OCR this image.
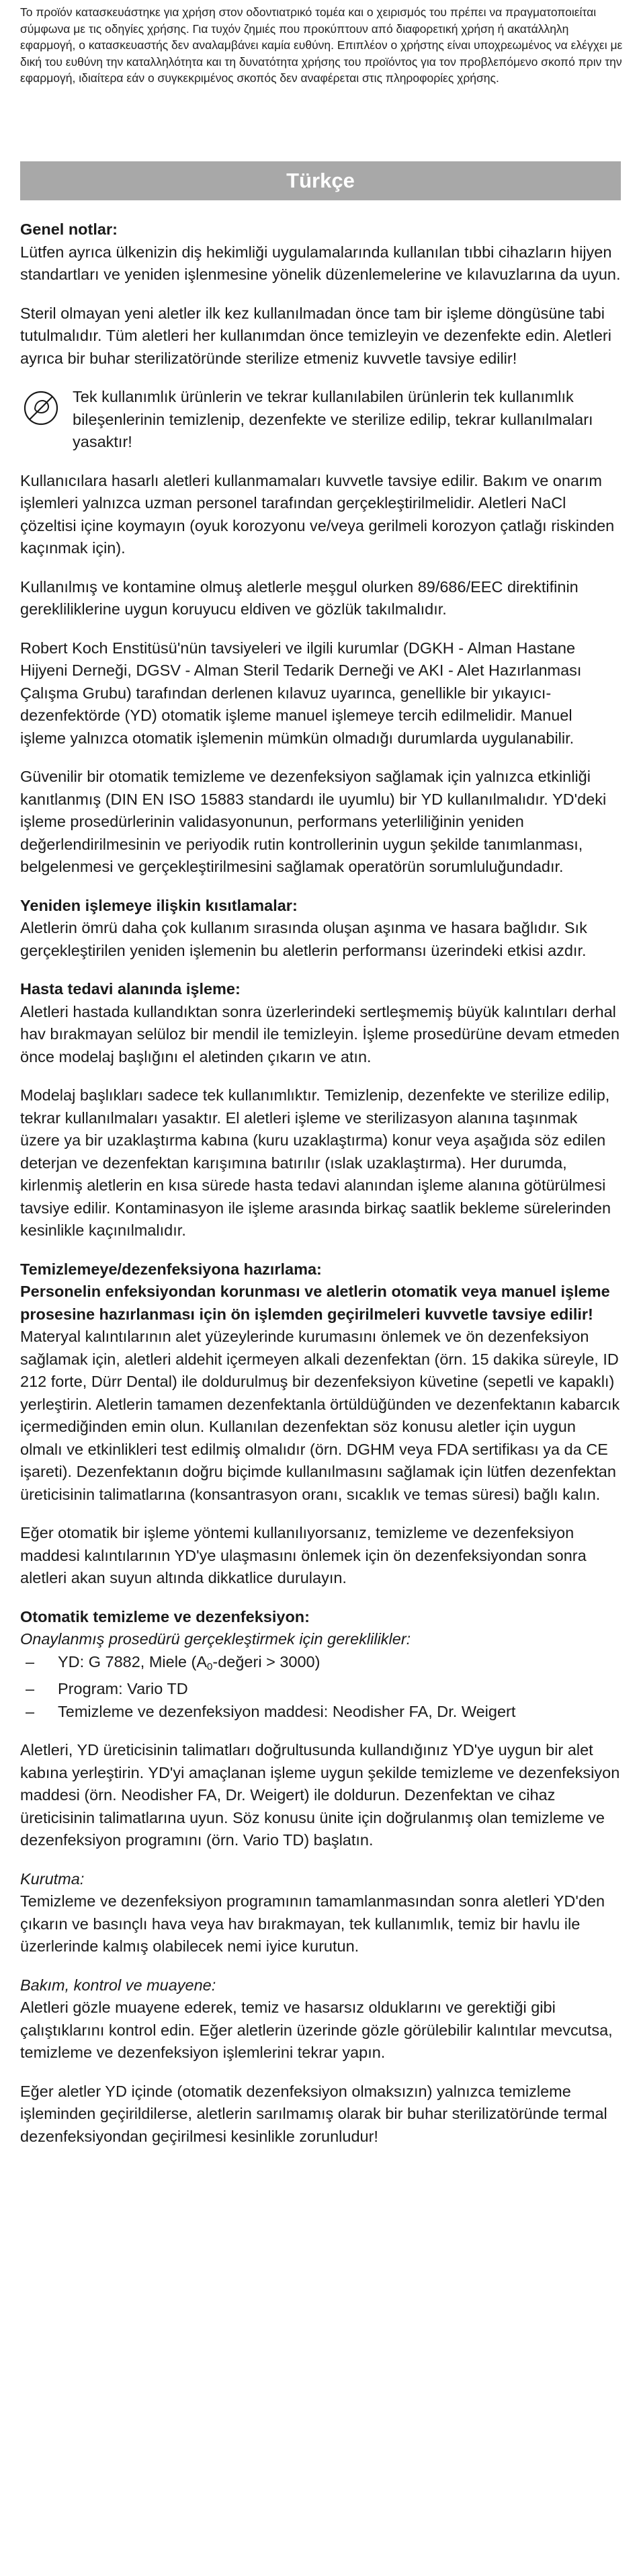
Το προϊόν κατασκευάστηκε για χρήση στον οδοντιατρικό τομέα και ο χειρισμός του πρέπει να πραγματοποιείται σύμφωνα με τις οδηγίες χρήσης. Για τυχόν ζημιές που προκύπτουν από διαφορετική χρήση ή ακατάλληλη εφαρμογή, ο κατασκευαστής δεν αναλαμβάνει καμία ευθύνη. Επιπλέον ο χρήστης είναι υποχρεωμένος να ελέγχει με δική του ευθύνη την καταλληλότητα και τη δυνατότητα χρήσης του προϊόντος για τον προβλεπόμενο σκοπό πριν την εφαρμογή, ιδιαίτερα εάν ο συγκεκριμένος σκοπός δεν αναφέρεται στις πληροφορίες χρήσης.
Türkçe
Genel notlar:

Lütfen ayrıca ülkenizin diş hekimliği uygulamalarında kullanılan tıbbi cihazların hijyen standartları ve yeniden işlenmesine yönelik düzenlemelerine ve kılavuzlarına da uyun.

Steril olmayan yeni aletler ilk kez kullanılmadan önce tam bir işleme döngüsüne tabi tutulmalıdır. Tüm aletleri her kullanımdan önce temizleyin ve dezenfekte edin. Aletleri ayrıca bir buhar sterilizatöründe sterilize etmeniz kuvvetle tavsiye edilir!

Tek kullanımlık ürünlerin ve tekrar kullanılabilen ürünlerin tek kullanımlık bileşenlerinin temizlenip, dezenfekte ve sterilize edilip, tekrar kullanılmaları yasaktır!

Kullanıcılara hasarlı aletleri kullanmamaları kuvvetle tavsiye edilir. Bakım ve onarım işlemleri yalnızca uzman personel tarafından gerçekleştirilmelidir. Aletleri NaCl çözeltisi içine koymayın (oyuk korozyonu ve/veya gerilmeli korozyon çatlağı riskinden kaçınmak için).

Kullanılmış ve kontamine olmuş aletlerle meşgul olurken 89/686/EEC direktifinin gerekliliklerine uygun koruyucu eldiven ve gözlük takılmalıdır.

Robert Koch Enstitüsü'nün tavsiyeleri ve ilgili kurumlar (DGKH - Alman Hastane Hijyeni Derneği, DGSV - Alman Steril Tedarik Derneği ve AKI - Alet Hazırlanması Çalışma Grubu) tarafından derlenen kılavuz uyarınca, genellikle bir yıkayıcı-dezenfektörde (YD) otomatik işleme manuel işlemeye tercih edilmelidir. Manuel işleme yalnızca otomatik işlemenin mümkün olmadığı durumlarda uygulanabilir.

Güvenilir bir otomatik temizleme ve dezenfeksiyon sağlamak için yalnızca etkinliği kanıtlanmış (DIN EN ISO 15883 standardı ile uyumlu) bir YD kullanılmalıdır. YD'deki işleme prosedürlerinin validasyonunun, performans yeterliliğinin yeniden değerlendirilmesinin ve periyodik rutin kontrollerinin uygun şekilde tanımlanması, belgelenmesi ve gerçekleştirilmesini sağlamak operatörün sorumluluğundadır.

Yeniden işlemeye ilişkin kısıtlamalar:

Aletlerin ömrü daha çok kullanım sırasında oluşan aşınma ve hasara bağlıdır. Sık gerçekleştirilen yeniden işlemenin bu aletlerin performansı üzerindeki etkisi azdır.

Hasta tedavi alanında işleme:

Aletleri hastada kullandıktan sonra üzerlerindeki sertleşmemiş büyük kalıntıları derhal hav bırakmayan selüloz bir mendil ile temizleyin. İşleme prosedürüne devam etmeden önce modelaj başlığını el aletinden çıkarın ve atın.

Modelaj başlıkları sadece tek kullanımlıktır. Temizlenip, dezenfekte ve sterilize edilip, tekrar kullanılmaları yasaktır. El aletleri işleme ve sterilizasyon alanına taşınmak üzere ya bir uzaklaştırma kabına (kuru uzaklaştırma) konur veya aşağıda söz edilen deterjan ve dezenfektan karışımına batırılır (ıslak uzaklaştırma). Her durumda, kirlenmiş aletlerin en kısa sürede hasta tedavi alanından işleme alanına götürülmesi tavsiye edilir. Kontaminasyon ile işleme arasında birkaç saatlik bekleme sürelerinden kesinlikle kaçınılmalıdır.

Temizlemeye/dezenfeksiyona hazırlama:
Personelin enfeksiyondan korunması ve aletlerin otomatik veya manuel işleme prosesine hazırlanması için ön işlemden geçirilmeleri kuvvetle tavsiye edilir!

Materyal kalıntılarının alet yüzeylerinde kurumasını önlemek ve ön dezenfeksiyon sağlamak için, aletleri aldehit içermeyen alkali dezenfektan (örn. 15 dakika süreyle, ID 212 forte, Dürr Dental) ile doldurulmuş bir dezenfeksiyon küvetine (sepetli ve kapaklı) yerleştirin. Aletlerin tamamen dezenfektanla örtüldüğünden ve dezenfektanın kabarcık içermediğinden emin olun. Kullanılan dezenfektan söz konusu aletler için uygun olmalı ve etkinlikleri test edilmiş olmalıdır (örn. DGHM veya FDA sertifikası ya da CE işareti). Dezenfektanın doğru biçimde kullanılmasını sağlamak için lütfen dezenfektan üreticisinin talimatlarına (konsantrasyon oranı, sıcaklık ve temas süresi) bağlı kalın.

Eğer otomatik bir işleme yöntemi kullanılıyorsanız, temizleme ve dezenfeksiyon maddesi kalıntılarının YD'ye ulaşmasını önlemek için ön dezenfeksiyondan sonra aletleri akan suyun altında dikkatlice durulayın.

Otomatik temizleme ve dezenfeksiyon:

Onaylanmış prosedürü gerçekleştirmek için gereklilikler:

– YD: G 7882, Miele (A0-değeri > 3000)
– Program: Vario TD
– Temizleme ve dezenfeksiyon maddesi: Neodisher FA, Dr. Weigert

Aletleri, YD üreticisinin talimatları doğrultusunda kullandığınız YD'ye uygun bir alet kabına yerleştirin. YD'yi amaçlanan işleme uygun şekilde temizleme ve dezenfeksiyon maddesi (örn. Neodisher FA, Dr. Weigert) ile doldurun. Dezenfektan ve cihaz üreticisinin talimatlarına uyun. Söz konusu ünite için doğrulanmış olan temizleme ve dezenfeksiyon programını (örn. Vario TD) başlatın.

Kurutma:

Temizleme ve dezenfeksiyon programının tamamlanmasından sonra aletleri YD'den çıkarın ve basınçlı hava veya hav bırakmayan, tek kullanımlık, temiz bir havlu ile üzerlerinde kalmış olabilecek nemi iyice kurutun.

Bakım, kontrol ve muayene:

Aletleri gözle muayene ederek, temiz ve hasarsız olduklarını ve gerektiği gibi çalıştıklarını kontrol edin. Eğer aletlerin üzerinde gözle görülebilir kalıntılar mevcutsa, temizleme ve dezenfeksiyon işlemlerini tekrar yapın.

Eğer aletler YD içinde (otomatik dezenfeksiyon olmaksızın) yalnızca temizleme işleminden geçirildilerse, aletlerin sarılmamış olarak bir buhar sterilizatöründe termal dezenfeksiyondan geçirilmesi kesinlikle zorunludur!
